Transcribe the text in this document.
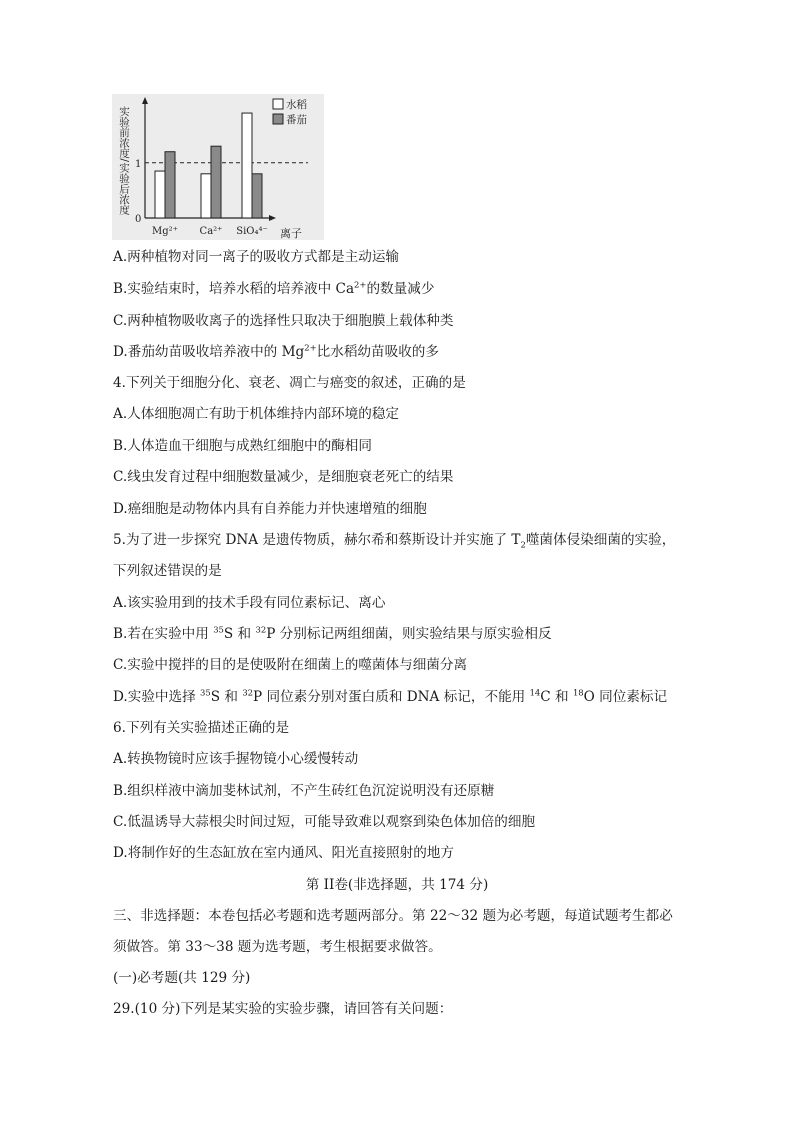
实验前浓度/实验后浓度
离子
0
1
Mg²⁺ Ca²⁺ SiO₄⁴⁻
水稻
番茄
A.两种植物对同一离子的吸收方式都是主动运输
B.实验结束时，培养水稻的培养液中 $Ca^{2+}$的数量减少
C.两种植物吸收离子的选择性只取决于细胞膜上载体种类
D.番茄幼苗吸收培养液中的 $Mg^{2+}$比水稻幼苗吸收的多
4.下列关于细胞分化、衰老、凋亡与癌变的叙述，正确的是
A.人体细胞凋亡有助于机体维持内部环境的稳定
B.人体造血干细胞与成熟红细胞中的酶相同
C.线虫发育过程中细胞数量减少，是细胞衰老死亡的结果
D.癌细胞是动物体内具有自养能力并快速增殖的细胞
5.为了进一步探究 DNA 是遗传物质，赫尔希和蔡斯设计并实施了 $T_2$噬菌体侵染细菌的实验，
下列叙述错误的是
A.该实验用到的技术手段有同位素标记、离心
B.若在实验中用 $^{35}$S 和 $^{32}$P 分别标记两组细菌，则实验结果与原实验相反
C.实验中搅拌的目的是使吸附在细菌上的噬菌体与细菌分离
D.实验中选择 $^{35}$S 和 $^{32}$P 同位素分别对蛋白质和 DNA 标记，不能用 $^{14}$C 和 $^{18}$O 同位素标记
6.下列有关实验描述正确的是
A.转换物镜时应该手握物镜小心缓慢转动
B.组织样液中滴加斐林试剂，不产生砖红色沉淀说明没有还原糖
C.低温诱导大蒜根尖时间过短，可能导致难以观察到染色体加倍的细胞
D.将制作好的生态缸放在室内通风、阳光直接照射的地方
第 II卷(非选择题，共 174 分)
三、非选择题：本卷包括必考题和选考题两部分。第 22～32 题为必考题，每道试题考生都必
须做答。第 33～38 题为选考题，考生根据要求做答。
(一)必考题(共 129 分)
29.(10 分)下列是某实验的实验步骤，请回答有关问题：
